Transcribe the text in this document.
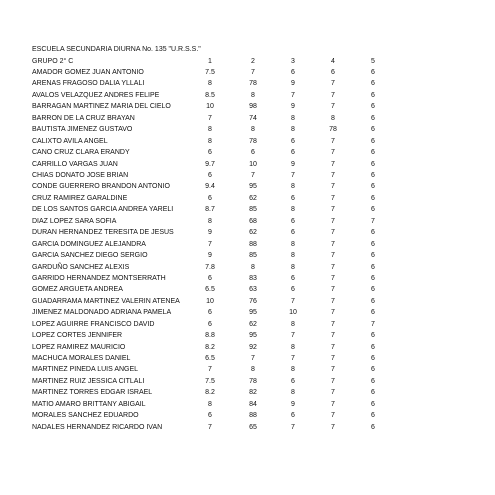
ESCUELA SECUNDARIA DIURNA No. 135 "U.R.S.S."
GRUPO 2° C	1	2	3	4	5
AMADOR GOMEZ JUAN ANTONIO	7.5	7	6	6	6
ARENAS FRAGOSO DALIA YLLALI	8	78	9	7	6
AVALOS VELAZQUEZ ANDRES FELIPE	8.5	8	7	7	6
BARRAGAN MARTINEZ MARIA DEL CIELO	10	98	9	7	6
BARRON DE LA CRUZ BRAYAN	7	74	8	8	6
BAUTISTA JIMENEZ GUSTAVO	8	8	8	78	6
CALIXTO AVILA ANGEL	8	78	6	7	6
CANO CRUZ CLARA ERANDY	6	6	6	7	6
CARRILLO VARGAS JUAN	9.7	10	9	7	6
CHIAS DONATO JOSE BRIAN	6	7	7	7	6
CONDE GUERRERO BRANDON ANTONIO	9.4	95	8	7	6
CRUZ RAMIREZ GARALDINE	6	62	6	7	6
DE LOS SANTOS GARCIA ANDREA YARELI	8.7	85	8	7	6
DIAZ LOPEZ SARA SOFIA	8	68	6	7	7
DURAN HERNANDEZ TERESITA DE JESUS	9	62	6	7	6
GARCIA DOMINGUEZ ALEJANDRA	7	88	8	7	6
GARCIA SANCHEZ DIEGO SERGIO	9	85	8	7	6
GARDUÑO SANCHEZ ALEXIS	7.8	8	8	7	6
GARRIDO HERNANDEZ MONTSERRATH	6	83	6	7	6
GOMEZ ARGUETA ANDREA	6.5	63	6	7	6
GUADARRAMA MARTINEZ VALERIN ATENEA	10	76	7	7	6
JIMENEZ MALDONADO ADRIANA PAMELA	6	95	10	7	6
LOPEZ AGUIRRE FRANCISCO DAVID	6	62	8	7	7
LOPEZ CORTES JENNIFER	8.8	95	7	7	6
LOPEZ RAMIREZ MAURICIO	8.2	92	8	7	6
MACHUCA MORALES DANIEL	6.5	7	7	7	6
MARTINEZ PINEDA LUIS ANGEL	7	8	8	7	6
MARTINEZ RUIZ JESSICA CITLALI	7.5	78	6	7	6
MARTINEZ TORRES EDGAR ISRAEL	8.2	82	8	7	6
MATIO AMARO BRITTANY ABIGAIL	8	84	9	7	6
MORALES SANCHEZ EDUARDO	6	88	6	7	6
NADALES HERNANDEZ RICARDO IVAN	7	65	7	7	6
